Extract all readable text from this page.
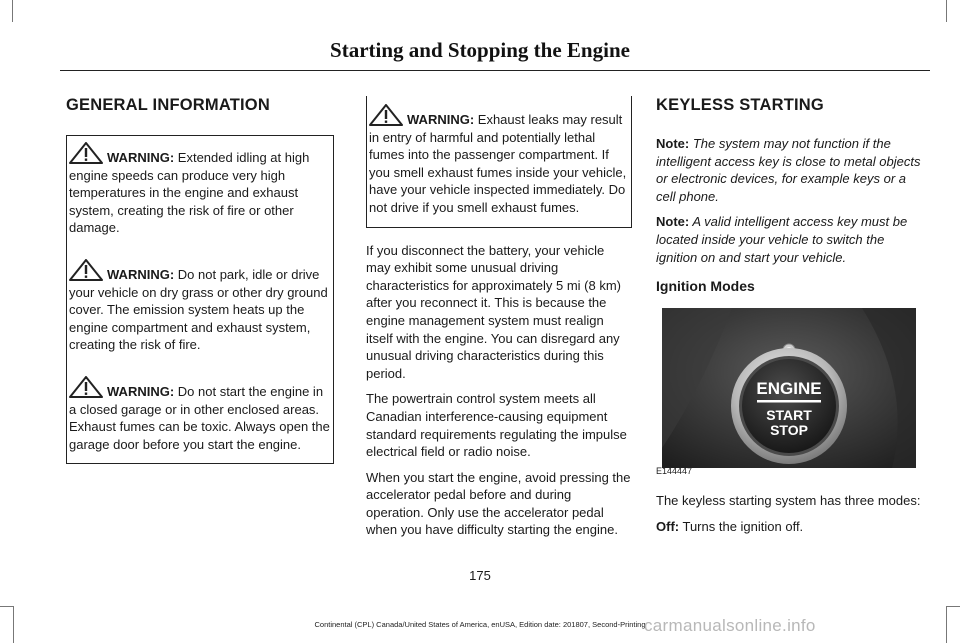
Starting and Stopping the Engine
GENERAL INFORMATION
WARNING: Extended idling at high engine speeds can produce very high temperatures in the engine and exhaust system, creating the risk of fire or other damage.
WARNING: Do not park, idle or drive your vehicle on dry grass or other dry ground cover. The emission system heats up the engine compartment and exhaust system, creating the risk of fire.
WARNING: Do not start the engine in a closed garage or in other enclosed areas. Exhaust fumes can be toxic. Always open the garage door before you start the engine.
WARNING: Exhaust leaks may result in entry of harmful and potentially lethal fumes into the passenger compartment. If you smell exhaust fumes inside your vehicle, have your vehicle inspected immediately. Do not drive if you smell exhaust fumes.

If you disconnect the battery, your vehicle may exhibit some unusual driving characteristics for approximately 5 mi (8 km) after you reconnect it. This is because the engine management system must realign itself with the engine. You can disregard any unusual driving characteristics during this period.

The powertrain control system meets all Canadian interference-causing equipment standard requirements regulating the impulse electrical field or radio noise.

When you start the engine, avoid pressing the accelerator pedal before and during operation. Only use the accelerator pedal when you have difficulty starting the engine.

KEYLESS STARTING

Note: The system may not function if the intelligent access key is close to metal objects or electronic devices, for example keys or a cell phone.

Note: A valid intelligent access key must be located inside your vehicle to switch the ignition on and start your vehicle.

Ignition Modes
ENGINE
START
STOP
E144447

The keyless starting system has three modes:

Off: Turns the ignition off.

175
Continental (CPL) Canada/United States of America, enUSA, Edition date: 201807, Second-Printing
carmanualsonline.info
